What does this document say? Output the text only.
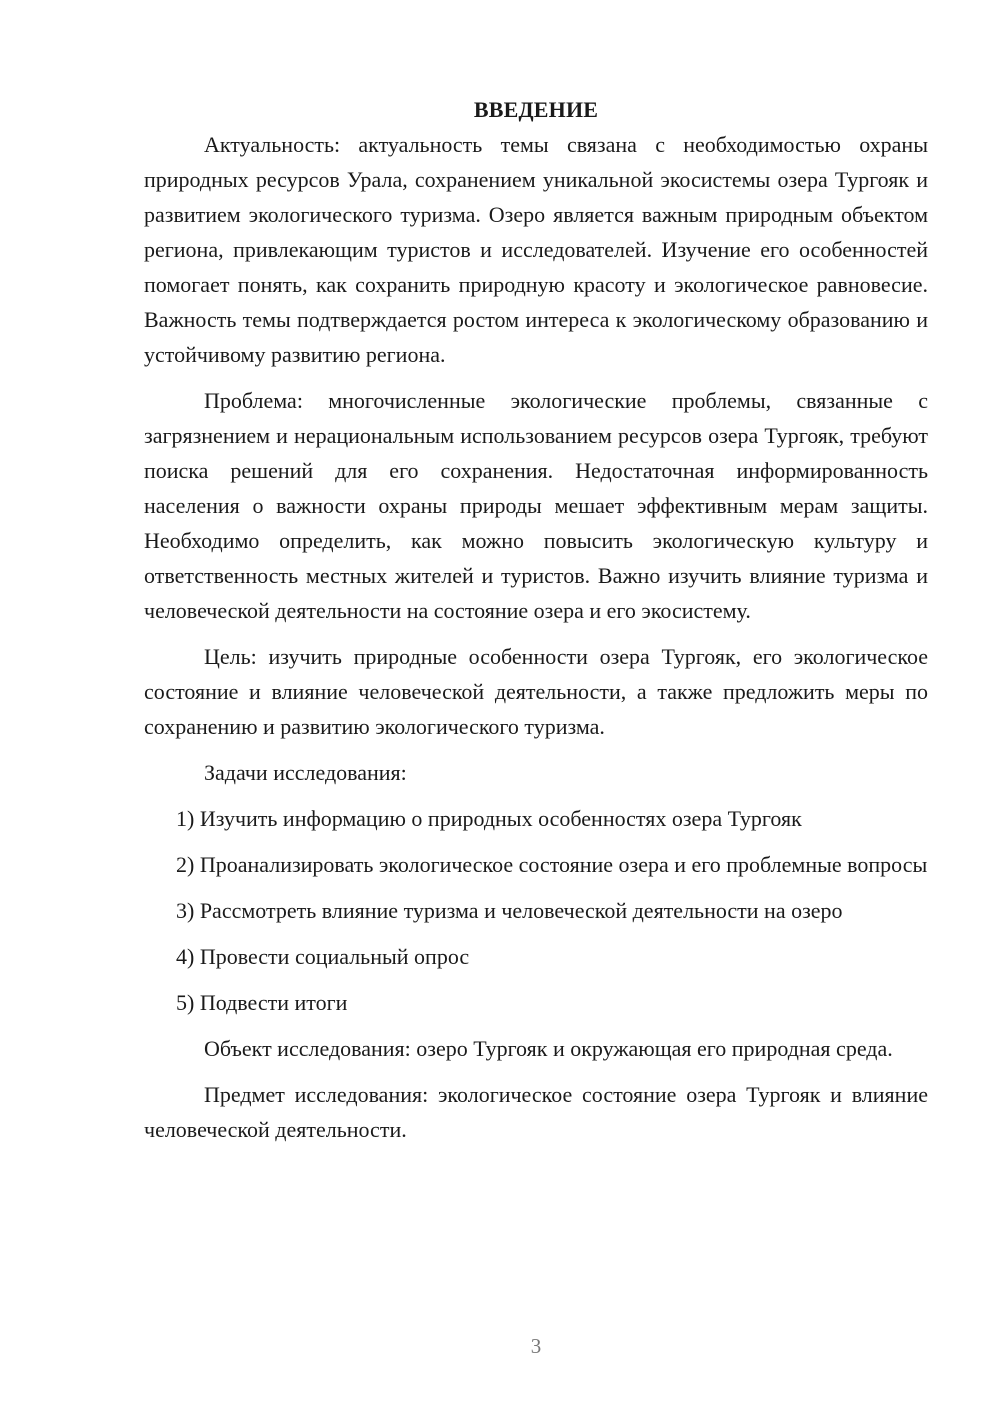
ВВЕДЕНИЕ

Актуальность: актуальность темы связана с необходимостью охраны природных ресурсов Урала, сохранением уникальной экосистемы озера Тургояк и развитием экологического туризма. Озеро является важным природным объектом региона, привлекающим туристов и исследователей. Изучение его особенностей помогает понять, как сохранить природную красоту и экологическое равновесие. Важность темы подтверждается ростом интереса к экологическому образованию и устойчивому развитию региона.

Проблема: многочисленные экологические проблемы, связанные с загрязнением и нерациональным использованием ресурсов озера Тургояк, требуют поиска решений для его сохранения. Недостаточная информированность населения о важности охраны природы мешает эффективным мерам защиты. Необходимо определить, как можно повысить экологическую культуру и ответственность местных жителей и туристов. Важно изучить влияние туризма и человеческой деятельности на состояние озера и его экосистему.

Цель: изучить природные особенности озера Тургояк, его экологическое состояние и влияние человеческой деятельности, а также предложить меры по сохранению и развитию экологического туризма.

Задачи исследования:

1) Изучить информацию о природных особенностях озера Тургояк

2) Проанализировать экологическое состояние озера и его проблемные вопросы

3) Рассмотреть влияние туризма и человеческой деятельности на озеро

4) Провести социальный опрос

5) Подвести итоги

Объект исследования: озеро Тургояк и окружающая его природная среда.

Предмет исследования: экологическое состояние озера Тургояк и влияние человеческой деятельности.

3
